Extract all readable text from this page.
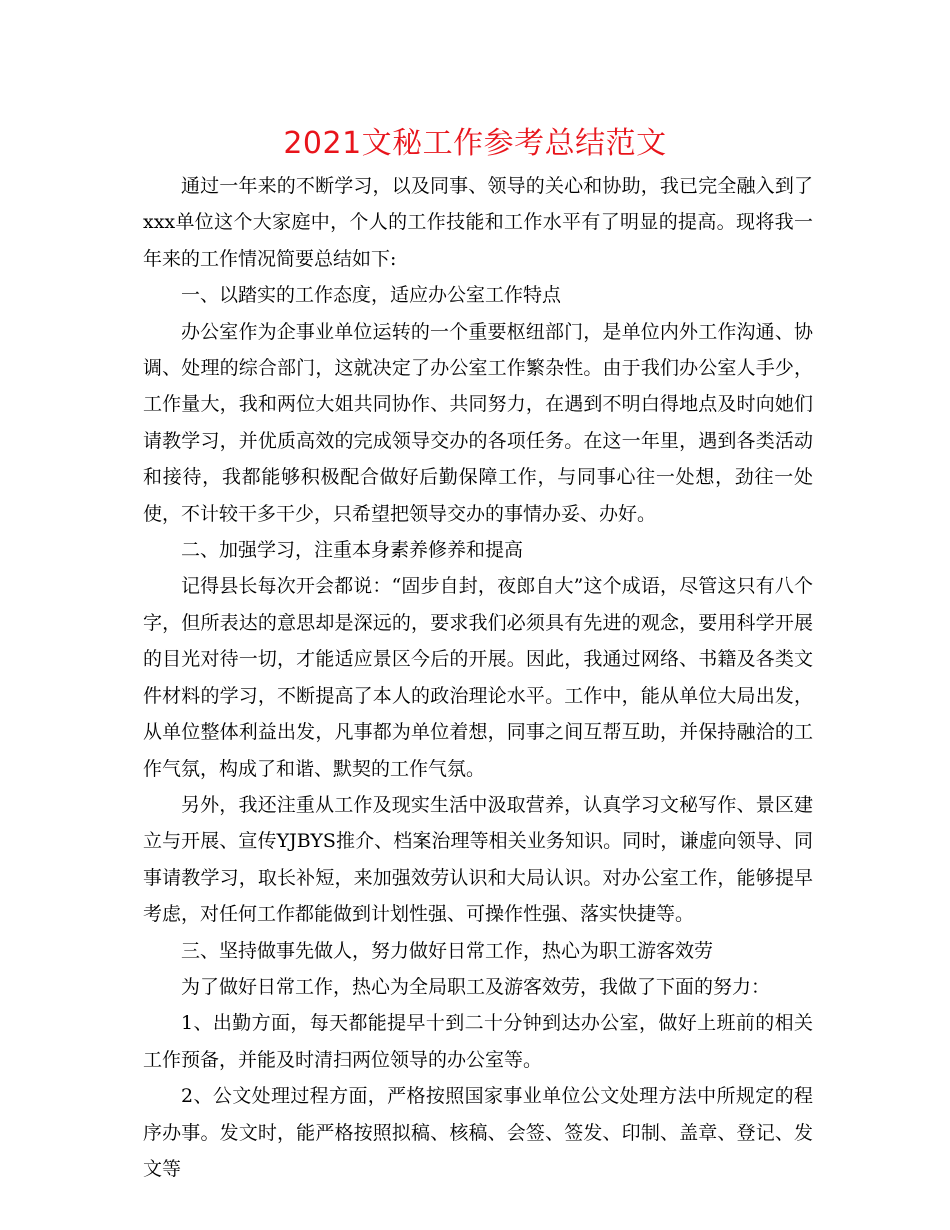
2021文秘工作参考总结范文

通过一年来的不断学习，以及同事、领导的关心和协助，我已完全融入到了xxx单位这个大家庭中，个人的工作技能和工作水平有了明显的提高。现将我一年来的工作情况简要总结如下:

一、以踏实的工作态度，适应办公室工作特点

办公室作为企事业单位运转的一个重要枢纽部门，是单位内外工作沟通、协调、处理的综合部门，这就决定了办公室工作繁杂性。由于我们办公室人手少，工作量大，我和两位大姐共同协作、共同努力，在遇到不明白得地点及时向她们请教学习，并优质高效的完成领导交办的各项任务。在这一年里，遇到各类活动和接待，我都能够积极配合做好后勤保障工作，与同事心往一处想，劲往一处使，不计较干多干少，只希望把领导交办的事情办妥、办好。

二、加强学习，注重本身素养修养和提高

记得县长每次开会都说：“固步自封，夜郎自大”这个成语，尽管这只有八个字，但所表达的意思却是深远的，要求我们必须具有先进的观念，要用科学开展的目光对待一切，才能适应景区今后的开展。因此，我通过网络、书籍及各类文件材料的学习，不断提高了本人的政治理论水平。工作中，能从单位大局出发，从单位整体利益出发，凡事都为单位着想，同事之间互帮互助，并保持融洽的工作气氛，构成了和谐、默契的工作气氛。

另外，我还注重从工作及现实生活中汲取营养，认真学习文秘写作、景区建立与开展、宣传YJBYS推介、档案治理等相关业务知识。同时，谦虚向领导、同事请教学习，取长补短，来加强效劳认识和大局认识。对办公室工作，能够提早考虑，对任何工作都能做到计划性强、可操作性强、落实快捷等。

三、坚持做事先做人，努力做好日常工作，热心为职工游客效劳

为了做好日常工作，热心为全局职工及游客效劳，我做了下面的努力：

1、出勤方面，每天都能提早十到二十分钟到达办公室，做好上班前的相关工作预备，并能及时清扫两位领导的办公室等。

2、公文处理过程方面，严格按照国家事业单位公文处理方法中所规定的程序办事。发文时，能严格按照拟稿、核稿、会签、签发、印制、盖章、登记、发文等
